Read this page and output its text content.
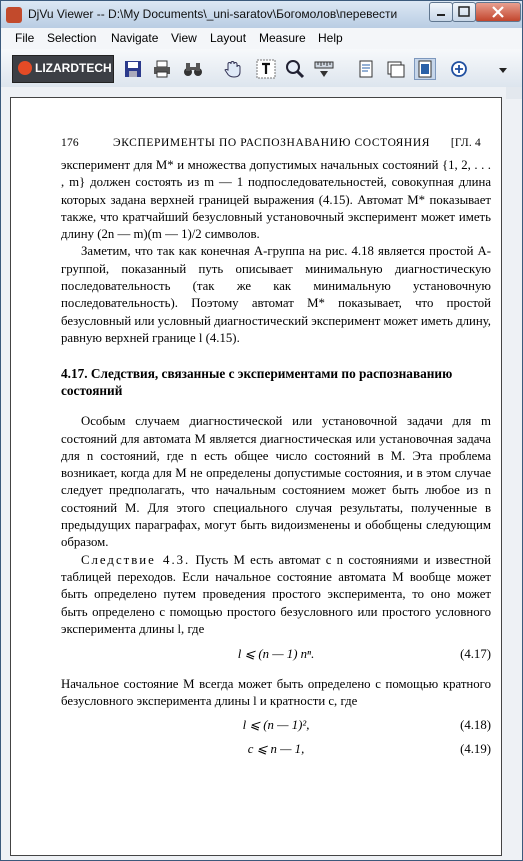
DjVu Viewer -- D:\My Documents\_uni-saratov\Богомолов\перевести
File Selection Navigate View Layout Measure Help
LIZARDTECH
176	ЭКСПЕРИМЕНТЫ ПО РАСПОЗНАВАНИЮ СОСТОЯНИЯ [ГЛ. 4

эксперимент для M* и множества допустимых начальных состояний {1, 2, . . . , m} должен состоять из m — 1 подпоследовательностей, совокупная длина которых задана верхней границей выражения (4.15). Автомат M* показывает также, что кратчайший безусловный установочный эксперимент может иметь длину (2n — m)(m — 1)/2 символов.

Заметим, что так как конечная A-группа на рис. 4.18 является простой A-группой, показанный путь описывает минимальную диагностическую последовательность (так же как минимальную установочную последовательность). Поэтому автомат M* показывает, что простой безусловный или условный диагностический эксперимент может иметь длину, равную верхней границе l (4.15).

4.17. Следствия, связанные с экспериментами по распознаванию состояний

Особым случаем диагностической или установочной задачи для m состояний для автомата M является диагностическая или установочная задача для n состояний, где n есть общее число состояний в M. Эта проблема возникает, когда для M не определены допустимые состояния, и в этом случае следует предполагать, что начальным состоянием может быть любое из n состояний M. Для этого специального случая результаты, полученные в предыдущих параграфах, могут быть видоизменены и обобщены следующим образом.

Следствие 4.3. Пусть M есть автомат с n состояниями и известной таблицей переходов. Если начальное состояние автомата M вообще может быть определено путем проведения простого эксперимента, то оно может быть определено с помощью простого безусловного или простого условного эксперимента длины l, где

l ⩽ (n — 1) nⁿ.	(4.17)

Начальное состояние M всегда может быть определено с помощью кратного безусловного эксперимента длины l и кратности c, где

l ⩽ (n — 1)²,	(4.18)
c ⩽ n — 1,	(4.19)
